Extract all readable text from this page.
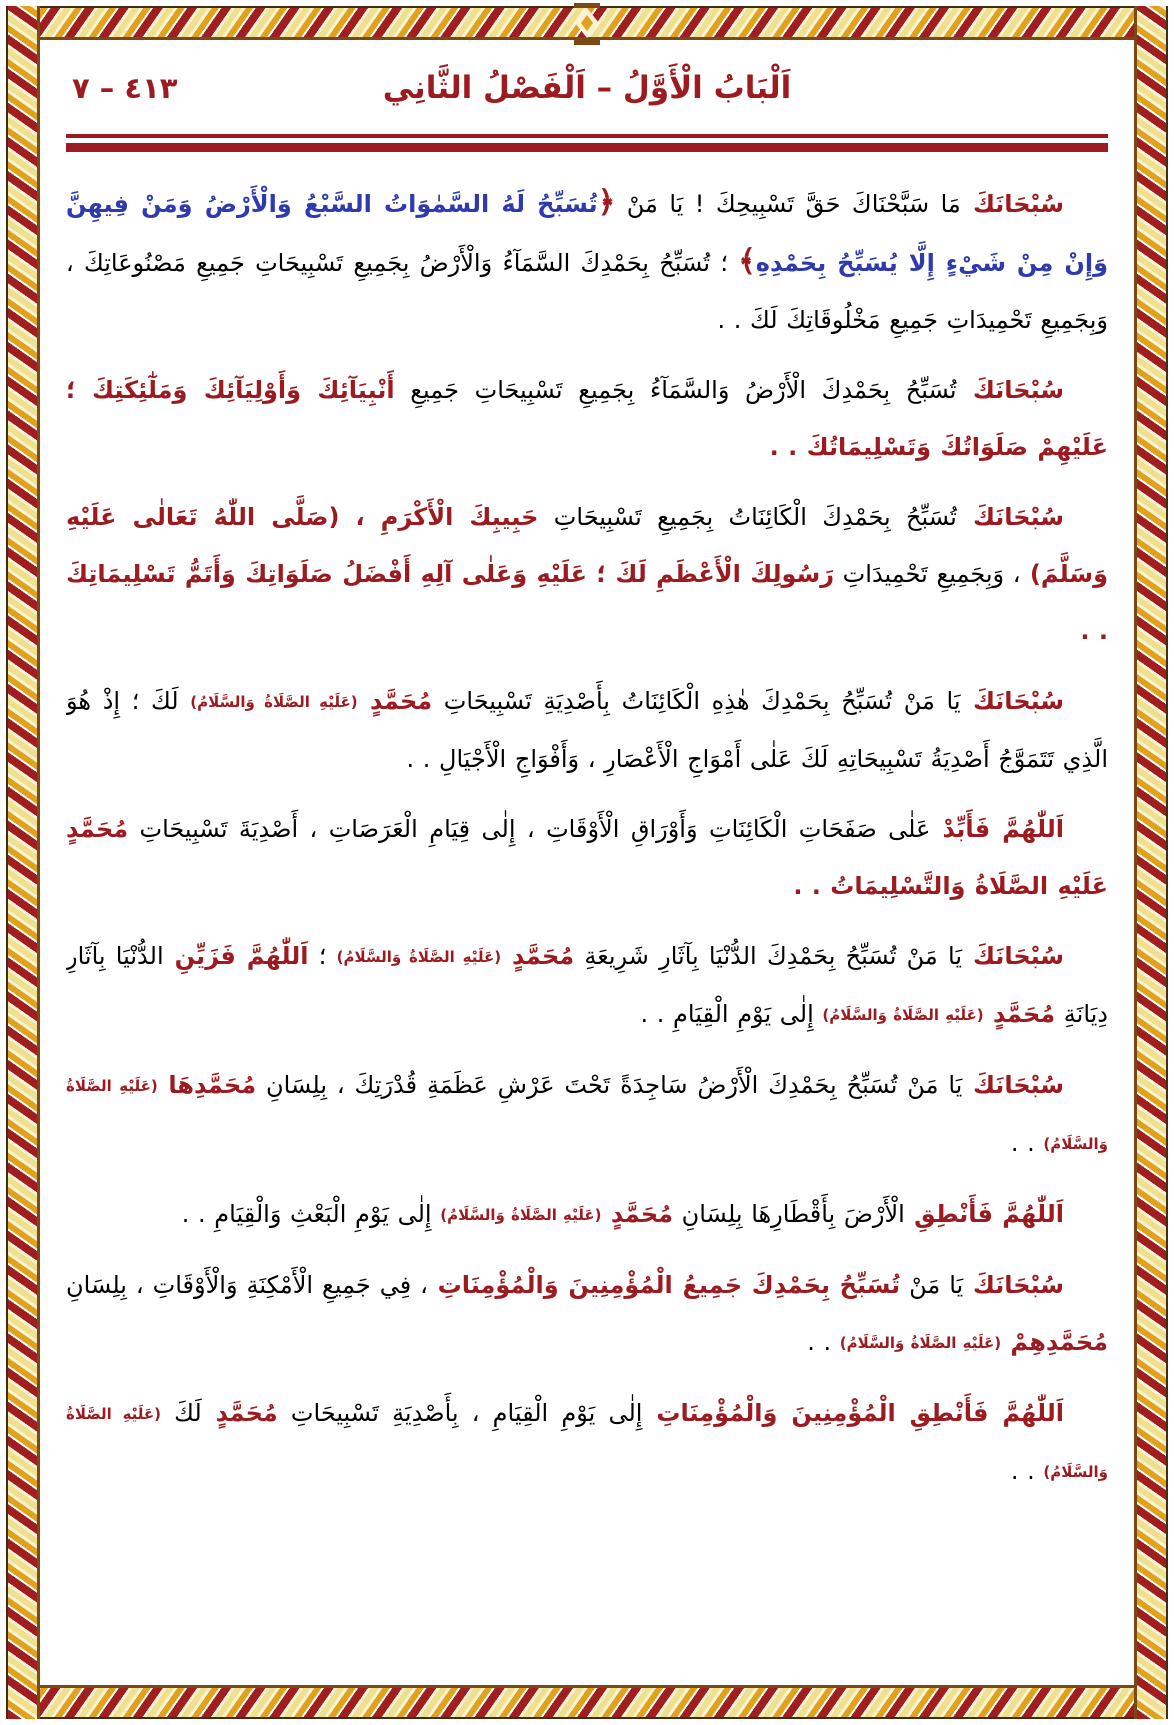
٤١٣ – ٧	اَلْبَابُ الْأَوَّلُ – اَلْفَصْلُ الثَّانِي

سُبْحَانَكَ مَا سَبَّحْنَاكَ حَقَّ تَسْبِيحِكَ ! يَا مَنْ ﴿تُسَبِّحُ لَهُ السَّمٰوَاتُ السَّبْعُ وَالْأَرْضُ وَمَنْ فِيهِنَّ وَإِنْ مِنْ شَيْءٍ إِلَّا يُسَبِّحُ بِحَمْدِهِ﴾ ؛ تُسَبِّحُ بِحَمْدِكَ السَّمَآءُ وَالْأَرْضُ بِجَمِيعِ تَسْبِيحَاتِ جَمِيعِ مَصْنُوعَاتِكَ ، وَبِجَمِيعِ تَحْمِيدَاتِ جَمِيعِ مَخْلُوقَاتِكَ لَكَ . .

سُبْحَانَكَ تُسَبِّحُ بِحَمْدِكَ الْأَرْضُ وَالسَّمَآءُ بِجَمِيعِ تَسْبِيحَاتِ جَمِيعِ أَنْبِيَآئِكَ وَأَوْلِيَآئِكَ وَمَلٰٓئِكَتِكَ ؛ عَلَيْهِمْ صَلَوَاتُكَ وَتَسْلِيمَاتُكَ . .

سُبْحَانَكَ تُسَبِّحُ بِحَمْدِكَ الْكَائِنَاتُ بِجَمِيعِ تَسْبِيحَاتِ حَبِيبِكَ الْأَكْرَمِ ، (صَلَّى اللّٰهُ تَعَالٰى عَلَيْهِ وَسَلَّمَ) ، وَبِجَمِيعِ تَحْمِيدَاتِ رَسُولِكَ الْأَعْظَمِ لَكَ ؛ عَلَيْهِ وَعَلٰى آلِهِ أَفْضَلُ صَلَوَاتِكَ وَأَتَمُّ تَسْلِيمَاتِكَ . .

سُبْحَانَكَ يَا مَنْ تُسَبِّحُ بِحَمْدِكَ هٰذِهِ الْكَائِنَاتُ بِأَصْدِيَةِ تَسْبِيحَاتِ مُحَمَّدٍ (عَلَيْهِ الصَّلَاةُ وَالسَّلَامُ) لَكَ ؛ إِذْ هُوَ الَّذِي تَتَمَوَّجُ أَصْدِيَةُ تَسْبِيحَاتِهِ لَكَ عَلٰى أَمْوَاجِ الْأَعْصَارِ ، وَأَفْوَاجِ الْأَجْيَالِ . .

اَللّٰهُمَّ فَأَبِّدْ عَلٰى صَفَحَاتِ الْكَائِنَاتِ وَأَوْرَاقِ الْأَوْقَاتِ ، إِلٰى قِيَامِ الْعَرَصَاتِ ، أَصْدِيَةَ تَسْبِيحَاتِ مُحَمَّدٍ عَلَيْهِ الصَّلَاةُ وَالتَّسْلِيمَاتُ . .

سُبْحَانَكَ يَا مَنْ تُسَبِّحُ بِحَمْدِكَ الدُّنْيَا بِآثَارِ شَرِيعَةِ مُحَمَّدٍ (عَلَيْهِ الصَّلَاةُ وَالسَّلَامُ) ؛ اَللّٰهُمَّ فَزَيِّنِ الدُّنْيَا بِآثَارِ دِيَانَةِ مُحَمَّدٍ (عَلَيْهِ الصَّلَاةُ وَالسَّلَامُ) إِلٰى يَوْمِ الْقِيَامِ . .

سُبْحَانَكَ يَا مَنْ تُسَبِّحُ بِحَمْدِكَ الْأَرْضُ سَاجِدَةً تَحْتَ عَرْشِ عَظَمَةِ قُدْرَتِكَ ، بِلِسَانِ مُحَمَّدِهَا (عَلَيْهِ الصَّلَاةُ وَالسَّلَامُ) . .

اَللّٰهُمَّ فَأَنْطِقِ الْأَرْضَ بِأَقْطَارِهَا بِلِسَانِ مُحَمَّدٍ (عَلَيْهِ الصَّلَاةُ وَالسَّلَامُ) إِلٰى يَوْمِ الْبَعْثِ وَالْقِيَامِ . .

سُبْحَانَكَ يَا مَنْ تُسَبِّحُ بِحَمْدِكَ جَمِيعُ الْمُؤْمِنِينَ وَالْمُؤْمِنَاتِ ، فِي جَمِيعِ الْأَمْكِنَةِ وَالْأَوْقَاتِ ، بِلِسَانِ مُحَمَّدِهِمْ (عَلَيْهِ الصَّلَاةُ وَالسَّلَامُ) . .

اَللّٰهُمَّ فَأَنْطِقِ الْمُؤْمِنِينَ وَالْمُؤْمِنَاتِ إِلٰى يَوْمِ الْقِيَامِ ، بِأَصْدِيَةِ تَسْبِيحَاتِ مُحَمَّدٍ لَكَ (عَلَيْهِ الصَّلَاةُ وَالسَّلَامُ) . .
